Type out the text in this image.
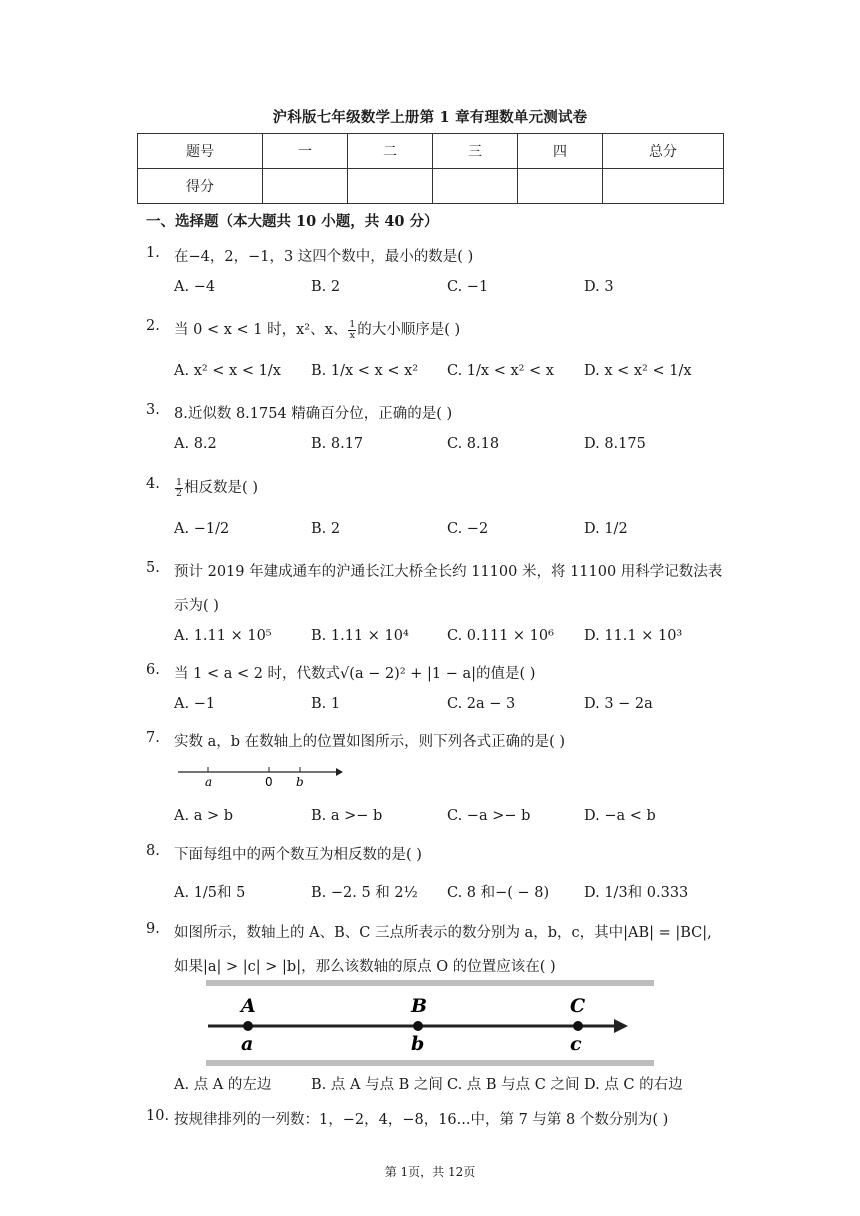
沪科版七年级数学上册第 1 章有理数单元测试卷
题号	一	二	三	四	总分
得分					
一、选择题（本大题共 10 小题，共 40 分）
1. 在−4，2，−1，3 这四个数中，最小的数是( )
A. −4	B. 2	C. −1	D. 3
2. 当 0 < x < 1 时，x²、x、 $\frac{1}{x}$ 的大小顺序是( )
A. x² < x < 1/x B. 1/x < x < x² C. 1/x < x² < x D. x < x² < 1/x
3. 8.近似数 8.1754 精确百分位，正确的是( )
A. 8.2	B. 8.17	C. 8.18	D. 8.175
4. $\frac{1}{2}$ 相反数是( )
A. −1/2	B. 2	C. −2	D. 1/2
5. 预计 2019 年建成通车的沪通长江大桥全长约 11100 米，将 11100 用科学记数法表
示为( )
A. 1.11 × 10⁵	B. 1.11 × 10⁴	C. 0.111 × 10⁶ D. 11.1 × 10³
6. 当 1 < a < 2 时，代数式√(a − 2)² + |1 − a|的值是( )
A. −1	B. 1	C. 2a − 3	D. 3 − 2a
7. 实数 a，b 在数轴上的位置如图所示，则下列各式正确的是( )
a	0 b
A. a > b	B. a >− b	C. −a >− b	D. −a < b
8. 下面每组中的两个数互为相反数的是( )
A. 1/5和 5	B. −2. 5 和 2½ C. 8 和−( − 8) D. 1/3和 0.333
9. 如图所示，数轴上的 A、B、C 三点所表示的数分别为 a，b，c，其中|AB| = |BC|,
如果|a| > |c| > |b|，那么该数轴的原点 O 的位置应该在( )
A	B	C
a	b	c
A. 点 A 的左边	B. 点 A 与点 B 之间 C. 点 B 与点 C 之间 D. 点 C 的右边
10. 按规律排列的一列数：1，−2，4，−8，16...中，第 7 与第 8 个数分别为( )
第 1页，共 12页
